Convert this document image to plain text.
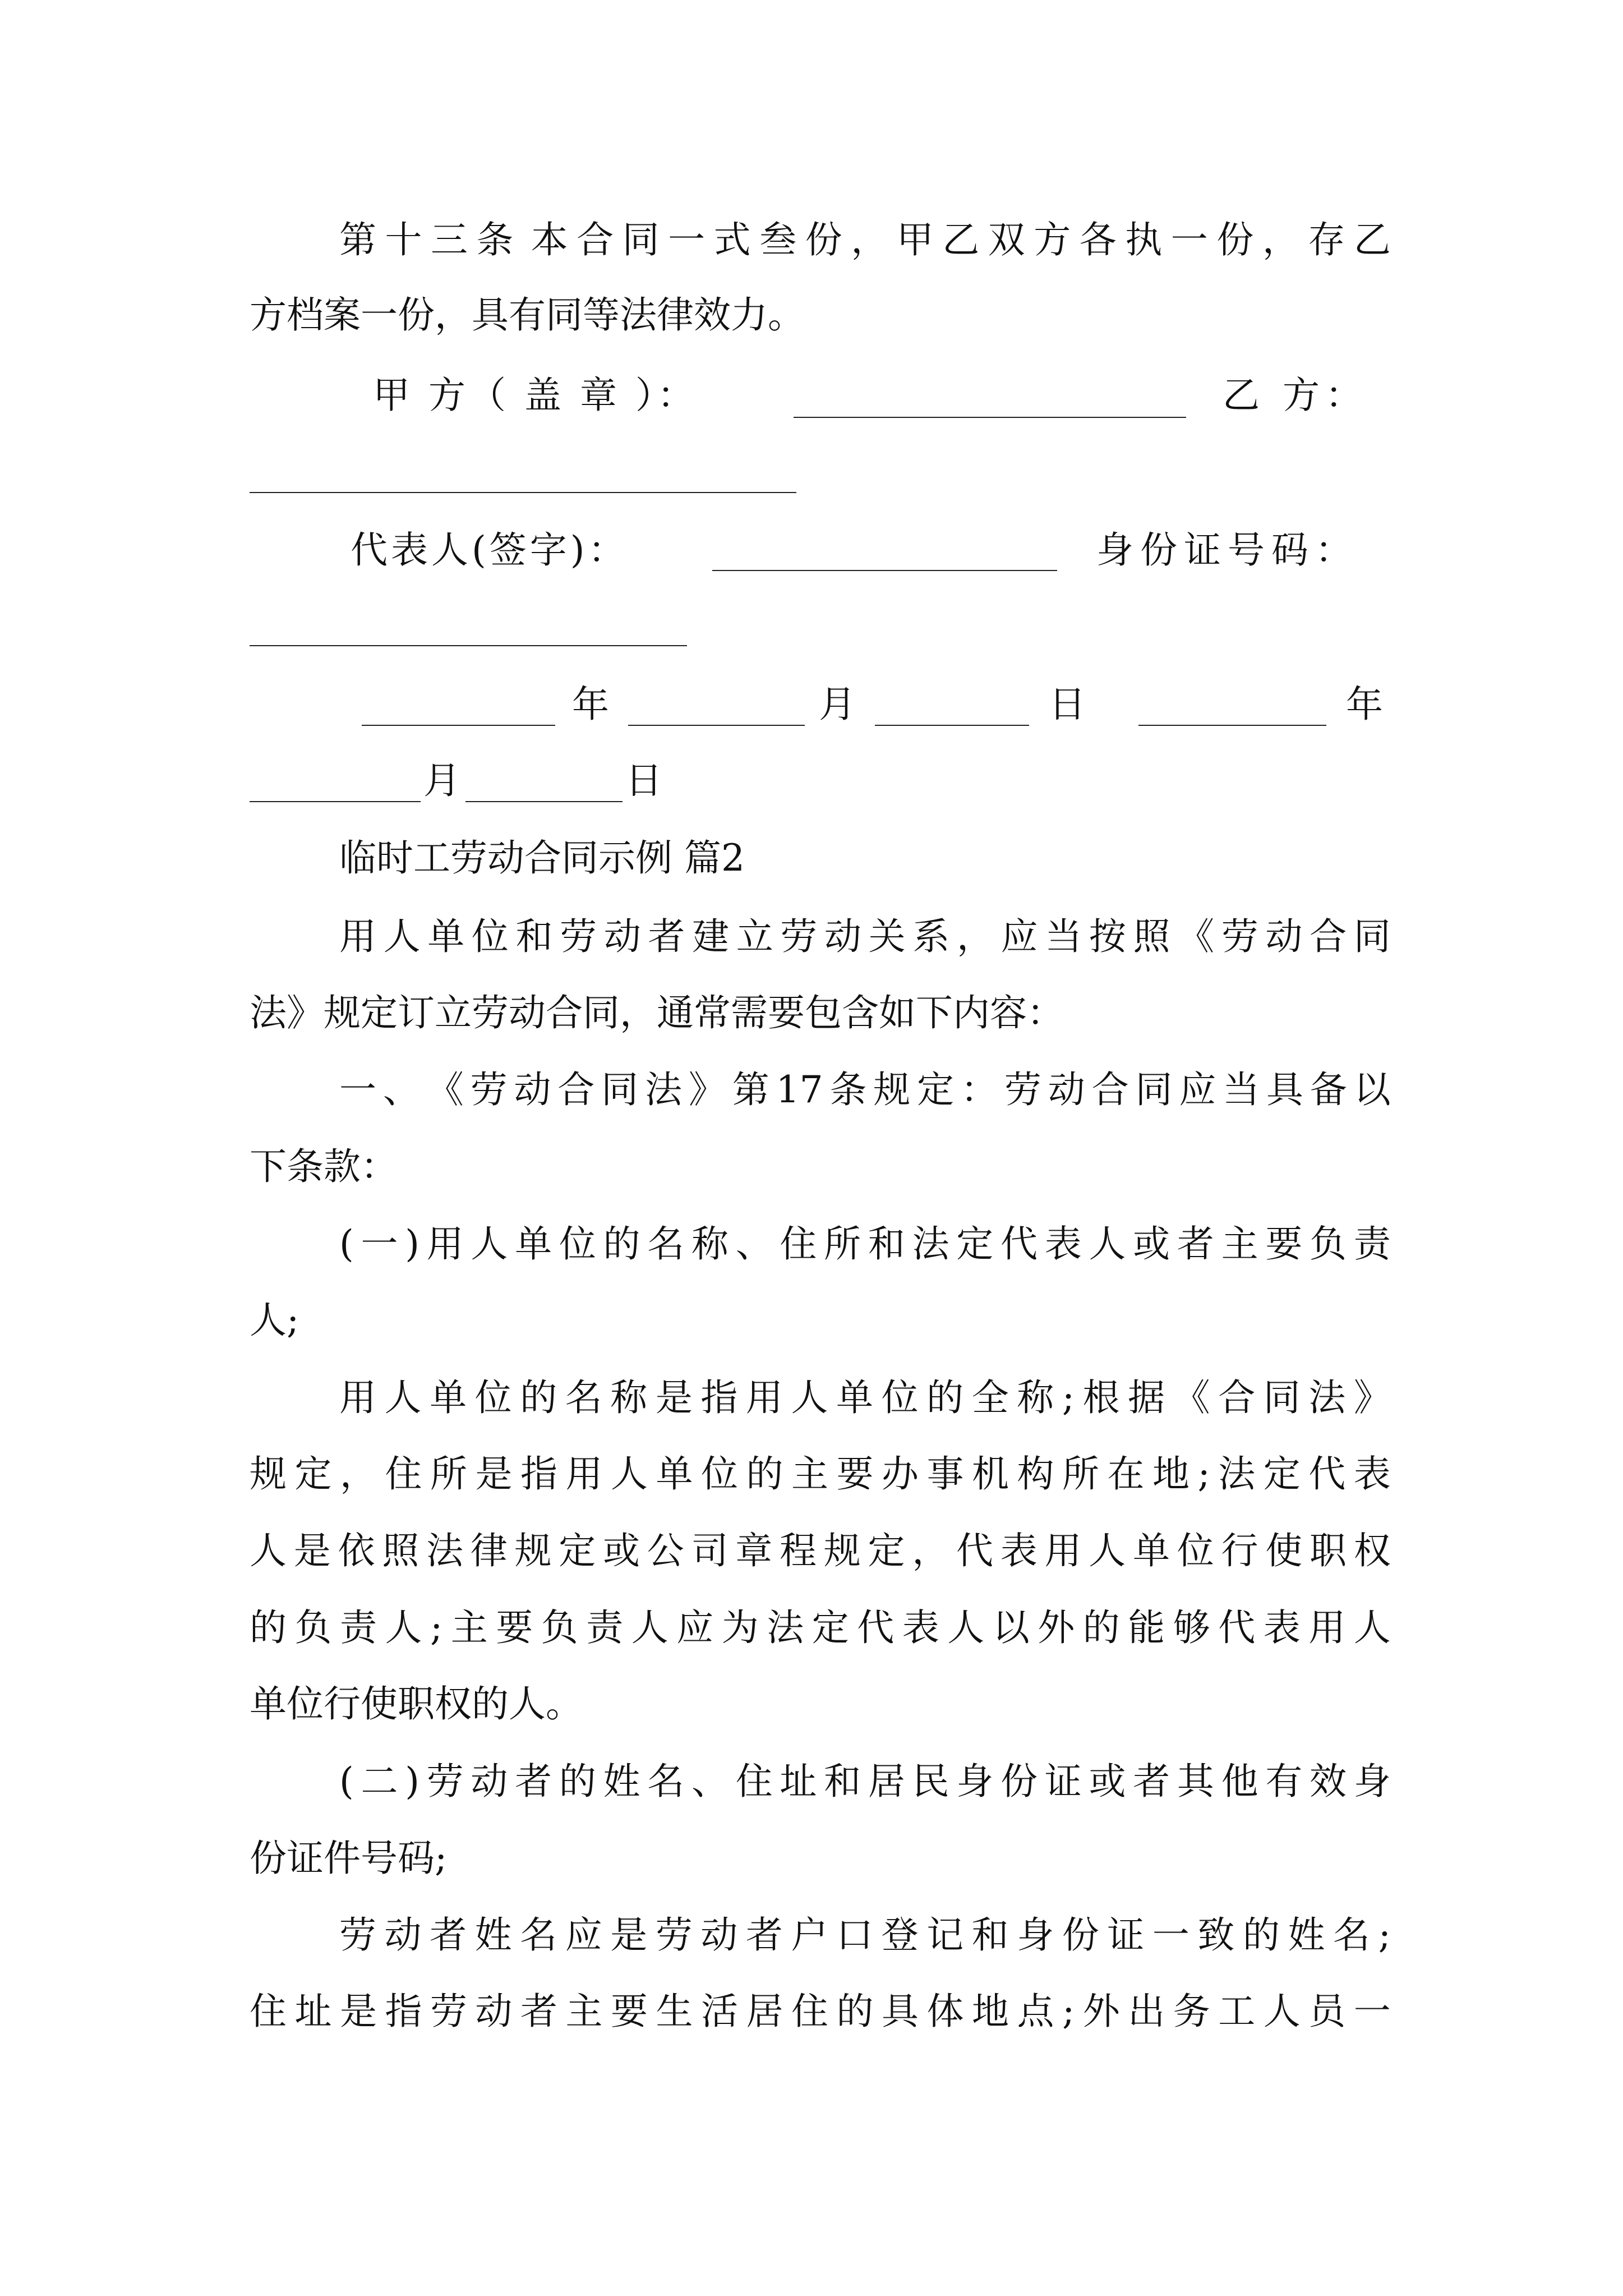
第 十 三 条 本 合 同 一 式 叁 份 ， 甲 乙 双 方 各 执 一 份 ， 存 乙
方档案一份，具有同等法律效力。
甲 方（ 盖 章 ）：	乙 方：
代表人(签字)：	身份证号码：
年	月	日	年
月	日
临时工劳动合同示例 篇2
用 人 单 位 和 劳 动 者 建 立 劳 动 关 系 ， 应 当 按 照 《 劳 动 合 同
法》规定订立劳动合同，通常需要包含如下内容：
一 、 《 劳 动 合 同 法 》 第 17 条 规 定 ： 劳 动 合 同 应 当 具 备 以
下条款：
( 一 ) 用 人 单 位 的 名 称 、 住 所 和 法 定 代 表 人 或 者 主 要 负 责
人;
用 人 单 位 的 名 称 是 指 用 人 单 位 的 全 称 ; 根 据 《 合 同 法 》
规 定 ， 住 所 是 指 用 人 单 位 的 主 要 办 事 机 构 所 在 地 ; 法 定 代 表
人 是 依 照 法 律 规 定 或 公 司 章 程 规 定 ， 代 表 用 人 单 位 行 使 职 权
的 负 责 人 ; 主 要 负 责 人 应 为 法 定 代 表 人 以 外 的 能 够 代 表 用 人
单位行使职权的人。
( 二 ) 劳 动 者 的 姓 名 、 住 址 和 居 民 身 份 证 或 者 其 他 有 效 身
份证件号码;
劳 动 者 姓 名 应 是 劳 动 者 户 口 登 记 和 身 份 证 一 致 的 姓 名 ;
住 址 是 指 劳 动 者 主 要 生 活 居 住 的 具 体 地 点 ; 外 出 务 工 人 员 一
